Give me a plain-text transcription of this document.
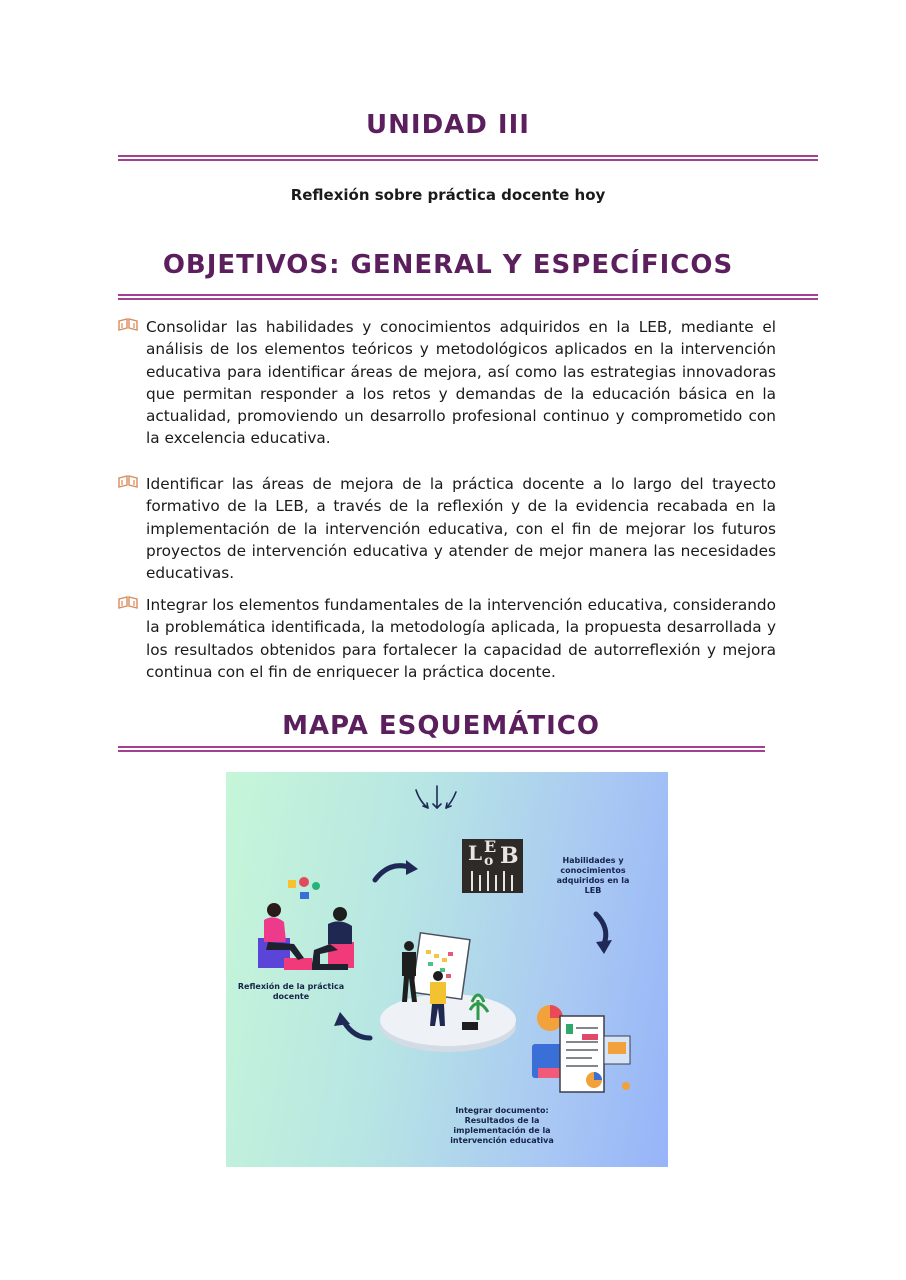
UNIDAD III
Reflexión sobre práctica docente hoy
OBJETIVOS: GENERAL Y ESPECÍFICOS

Consolidar las habilidades y conocimientos adquiridos en la LEB, mediante el análisis de los elementos teóricos y metodológicos aplicados en la intervención educativa para identificar áreas de mejora, así como las estrategias innovadoras que permitan responder a los retos y demandas de la educación básica en la actualidad, promoviendo un desarrollo profesional continuo y comprometido con la excelencia educativa.

Identificar las áreas de mejora de la práctica docente a lo largo del trayecto formativo de la LEB, a través de la reflexión y de la evidencia recabada en la implementación de la intervención educativa, con el fin de mejorar los futuros proyectos de intervención educativa y atender de mejor manera las necesidades educativas.

Integrar los elementos fundamentales de la intervención educativa, considerando la problemática identificada, la metodología aplicada, la propuesta desarrollada y los resultados obtenidos para fortalecer la capacidad de autorreflexión y mejora continua con el fin de enriquecer la práctica docente.

MAPA ESQUEMÁTICO
L o B
E
Habilidades y conocimientos adquiridos en la LEB
Reflexión de la práctica docente
Integrar documento: Resultados de la implementación de la intervención educativa
